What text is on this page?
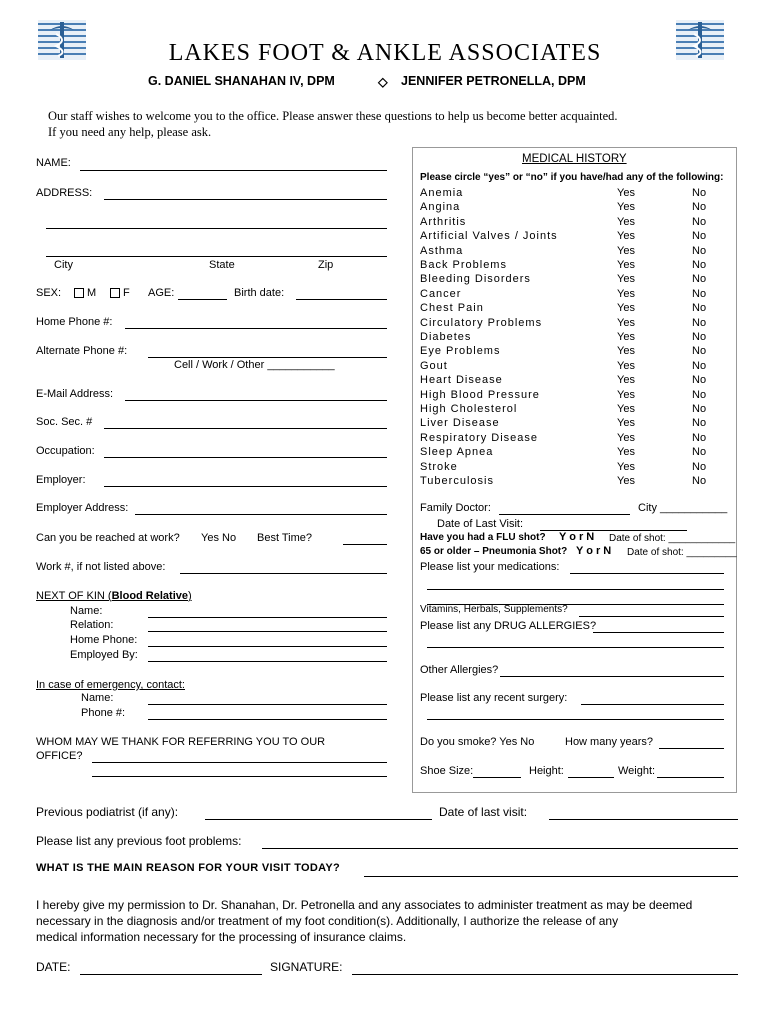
LAKES FOOT & ANKLE ASSOCIATES
G. DANIEL SHANAHAN IV, DPM	◇ JENNIFER PETRONELLA, DPM
Our staff wishes to welcome you to the office. Please answer these questions to help us become better acquainted.
If you need any help, please ask.
NAME:
ADDRESS:
City	State	Zip
SEX:	M	F AGE:	Birth date:
Home Phone #:
Alternate Phone #:
Cell / Work / Other ___________
E-Mail Address:
Soc. Sec. #
Occupation:
Employer:
Employer Address:
Can you be reached at work? Yes No Best Time?
Work #, if not listed above:
NEXT OF KIN (Blood Relative)
Name:
Relation:
Home Phone:
Employed By:
In case of emergency, contact:
Name:
Phone #:
WHOM MAY WE THANK FOR REFERRING YOU TO OUR
OFFICE?
MEDICAL HISTORY
Please circle “yes” or “no” if you have/had any of the following:
Anemia	Yes	No
Angina	Yes	No
Arthritis	Yes	No
Artificial Valves / Joints	Yes	No
Asthma	Yes	No
Back Problems	Yes	No
Bleeding Disorders	Yes	No
Cancer	Yes	No
Chest Pain	Yes	No
Circulatory Problems	Yes	No
Diabetes	Yes	No
Eye Problems	Yes	No
Gout	Yes	No
Heart Disease	Yes	No
High Blood Pressure	Yes	No
High Cholesterol	Yes	No
Liver Disease	Yes	No
Respiratory Disease	Yes	No
Sleep Apnea	Yes	No
Stroke	Yes	No
Tuberculosis	Yes	No
Family Doctor:	City ___________
Date of Last Visit:
Have you had a FLU shot? Y o r N Date of shot: ____________
65 or older – Pneumonia Shot? Y o r N Date of shot: _________
Please list your medications:
Vitamins, Herbals, Supplements?
Please list any DRUG ALLERGIES?
Other Allergies?
Please list any recent surgery:
Do you smoke? Yes No	How many years?
Shoe Size:	Height:	Weight:
Previous podiatrist (if any):	Date of last visit:
Please list any previous foot problems:
WHAT IS THE MAIN REASON FOR YOUR VISIT TODAY?
I hereby give my permission to Dr. Shanahan, Dr. Petronella and any associates to administer treatment as may be deemed
necessary in the diagnosis and/or treatment of my foot condition(s). Additionally, I authorize the release of any
medical information necessary for the processing of insurance claims.
DATE:	SIGNATURE:
